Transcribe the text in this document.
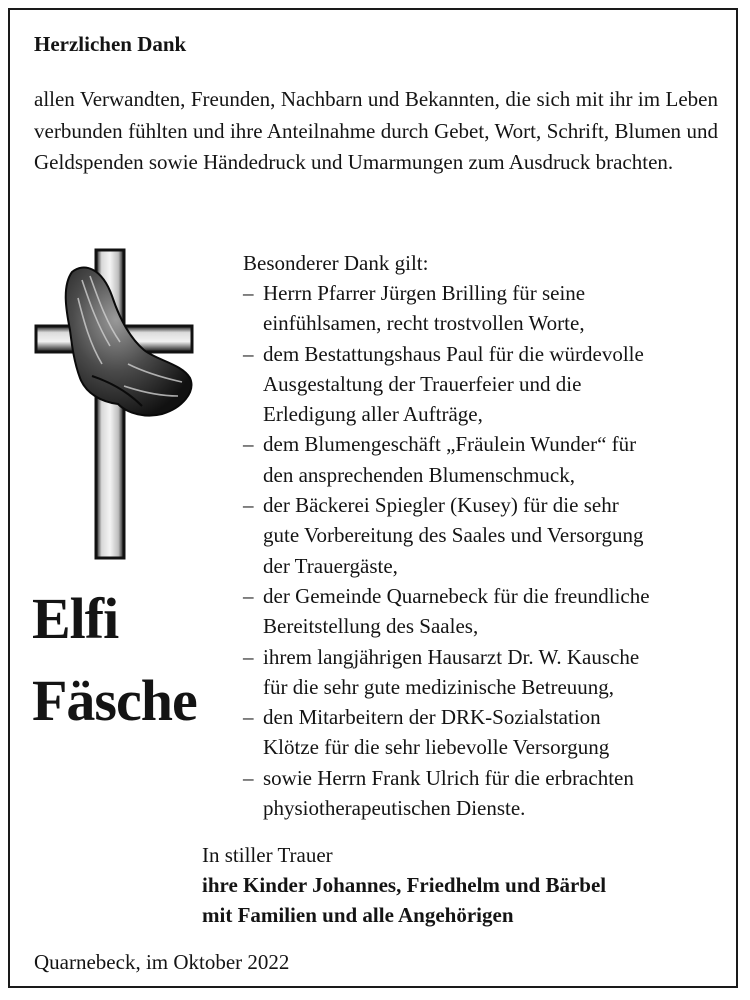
Herzlichen Dank
allen Verwandten, Freunden, Nachbarn und Bekannten, die sich mit ihr im Leben verbunden fühlten und ihre Anteilnahme durch Gebet, Wort, Schrift, Blumen und Geldspenden sowie Händedruck und Umarmungen zum Ausdruck brachten.
Elfi
Fäsche
Besonderer Dank gilt:
– Herrn Pfarrer Jürgen Brilling für seine
einfühlsamen, recht trostvollen Worte,
– dem Bestattungshaus Paul für die würdevolle
Ausgestaltung der Trauerfeier und die
Erledigung aller Aufträge,
– dem Blumengeschäft „Fräulein Wunder“ für
den ansprechenden Blumenschmuck,
– der Bäckerei Spiegler (Kusey) für die sehr
gute Vorbereitung des Saales und Versorgung
der Trauergäste,
– der Gemeinde Quarnebeck für die freundliche
Bereitstellung des Saales,
– ihrem langjährigen Hausarzt Dr. W. Kausche
für die sehr gute medizinische Betreuung,
– den Mitarbeitern der DRK-Sozialstation
Klötze für die sehr liebevolle Versorgung
– sowie Herrn Frank Ulrich für die erbrachten
physiotherapeutischen Dienste.
In stiller Trauer
ihre Kinder Johannes, Friedhelm und Bärbel
mit Familien und alle Angehörigen
Quarnebeck, im Oktober 2022
